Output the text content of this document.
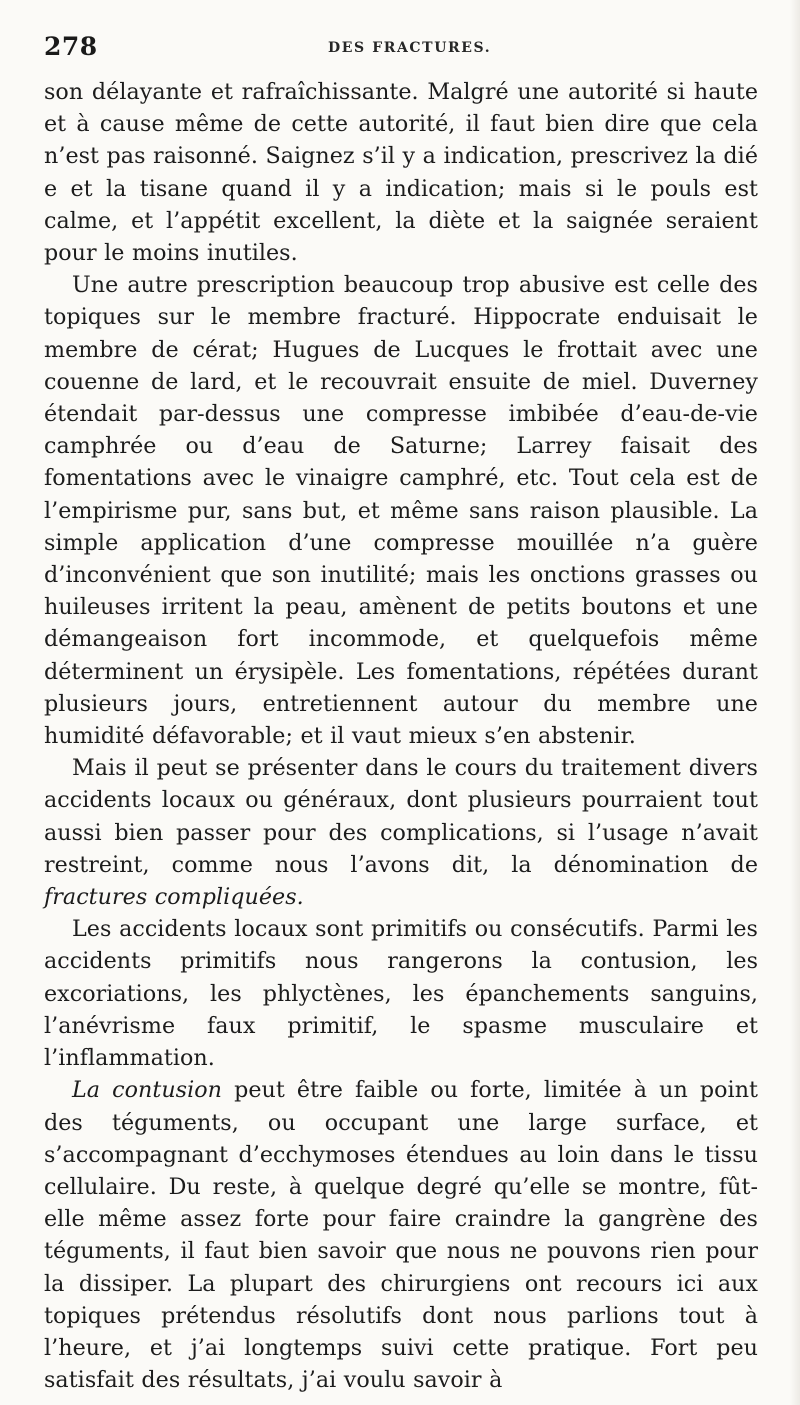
278	DES FRACTURES.

son délayante et rafraîchissante. Malgré une autorité si haute et à cause même de cette autorité, il faut bien dire que cela n’est pas raisonné. Saignez s’il y a indication, prescrivez la dié e et la tisane quand il y a indication; mais si le pouls est calme, et l’appétit excellent, la diète et la saignée seraient pour le moins inutiles.

Une autre prescription beaucoup trop abusive est celle des topiques sur le membre fracturé. Hippocrate enduisait le membre de cérat; Hugues de Lucques le frottait avec une couenne de lard, et le recouvrait ensuite de miel. Duverney étendait par-dessus une compresse imbibée d’eau-de-vie camphrée ou d’eau de Saturne; Larrey faisait des fomentations avec le vinaigre camphré, etc. Tout cela est de l’empirisme pur, sans but, et même sans raison plausible. La simple application d’une compresse mouillée n’a guère d’inconvénient que son inutilité; mais les onctions grasses ou huileuses irritent la peau, amènent de petits boutons et une démangeaison fort incommode, et quelquefois même déterminent un érysipèle. Les fomentations, répétées durant plusieurs jours, entretiennent autour du membre une humidité défavorable; et il vaut mieux s’en abstenir.

Mais il peut se présenter dans le cours du traitement divers accidents locaux ou généraux, dont plusieurs pourraient tout aussi bien passer pour des complications, si l’usage n’avait restreint, comme nous l’avons dit, la dénomination de fractures compliquées.

Les accidents locaux sont primitifs ou consécutifs. Parmi les accidents primitifs nous rangerons la contusion, les excoriations, les phlyctènes, les épanchements sanguins, l’anévrisme faux primitif, le spasme musculaire et l’inflammation.

La contusion peut être faible ou forte, limitée à un point des téguments, ou occupant une large surface, et s’accompagnant d’ecchymoses étendues au loin dans le tissu cellulaire. Du reste, à quelque degré qu’elle se montre, fût-elle même assez forte pour faire craindre la gangrène des téguments, il faut bien savoir que nous ne pouvons rien pour la dissiper. La plupart des chirurgiens ont recours ici aux topiques prétendus résolutifs dont nous parlions tout à l’heure, et j’ai longtemps suivi cette pratique. Fort peu satisfait des résultats, j’ai voulu savoir à
